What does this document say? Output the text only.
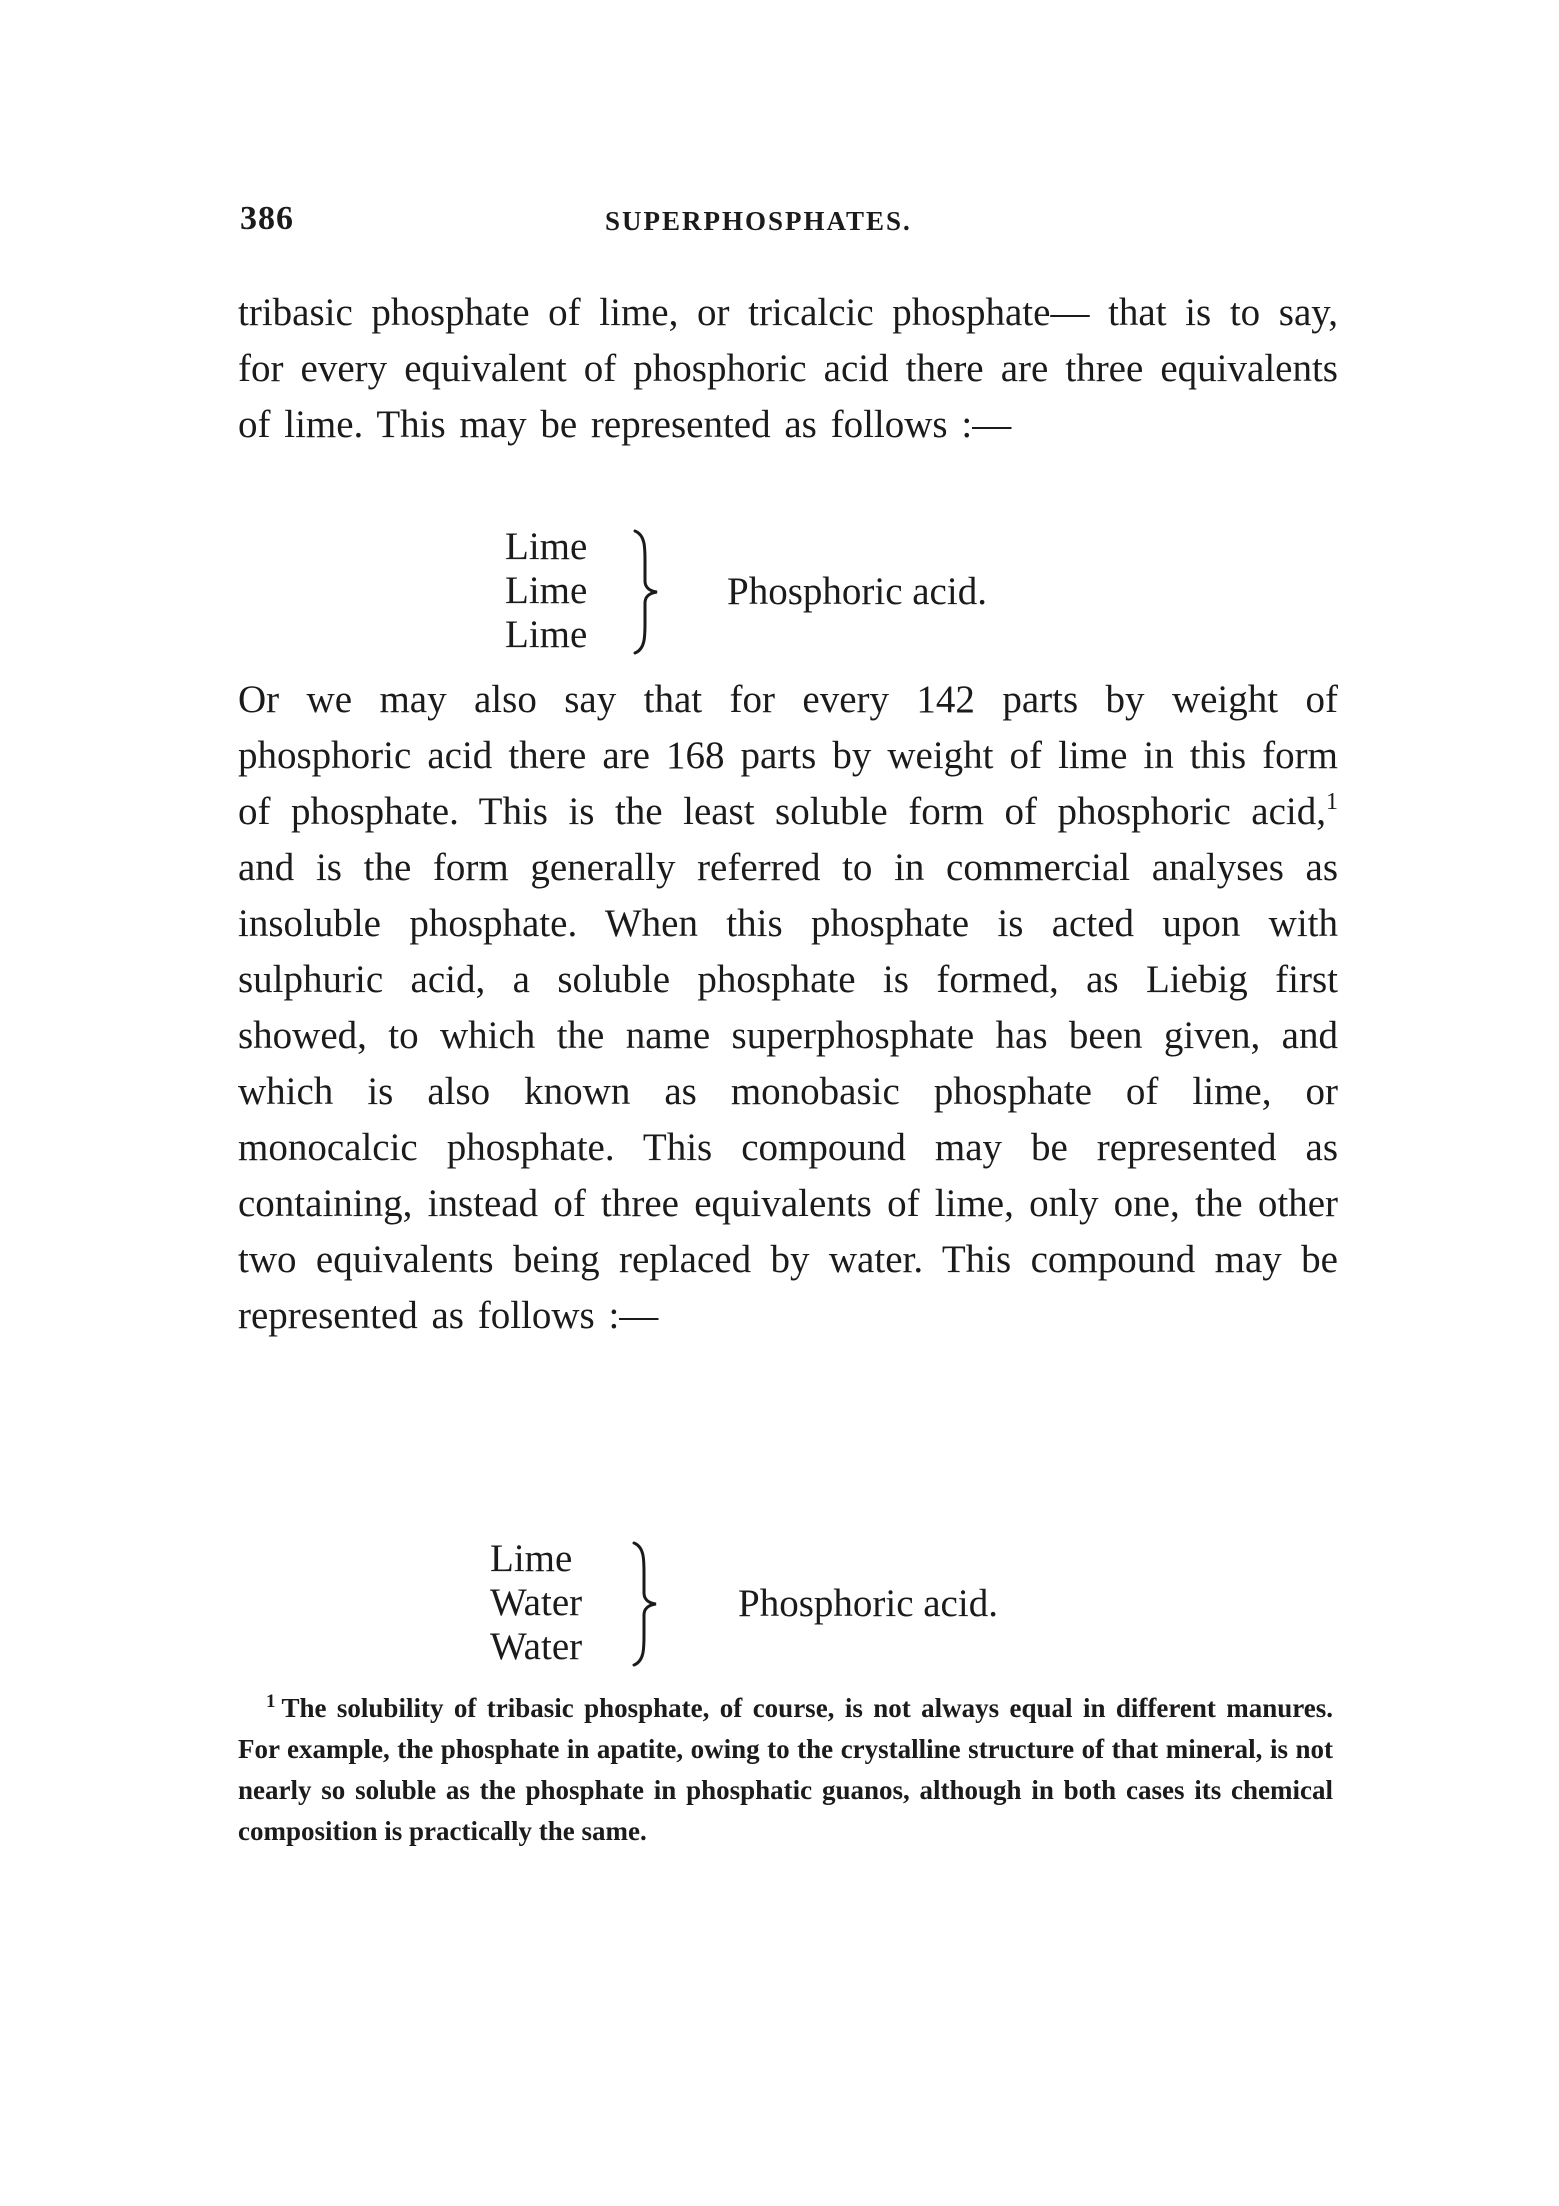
386	SUPERPHOSPHATES.

tribasic phosphate of lime, or tricalcic phosphate— that is to say, for every equivalent of phosphoric acid there are three equivalents of lime. This may be represented as follows :—

Lime
Lime
Lime
Phosphoric acid.

Or we may also say that for every 142 parts by weight of phosphoric acid there are 168 parts by weight of lime in this form of phosphate. This is the least soluble form of phosphoric acid,$^1$ and is the form generally referred to in commercial analyses as insoluble phosphate. When this phosphate is acted upon with sulphuric acid, a soluble phosphate is formed, as Liebig first showed, to which the name superphosphate has been given, and which is also known as monobasic phosphate of lime, or monocalcic phosphate. This compound may be represented as containing, instead of three equivalents of lime, only one, the other two equivalents being replaced by water. This compound may be represented as follows :—

Lime
Water
Water
Phosphoric acid.

$^1$ The solubility of tribasic phosphate, of course, is not always equal in different manures. For example, the phosphate in apatite, owing to the crystalline structure of that mineral, is not nearly so soluble as the phosphate in phosphatic guanos, although in both cases its chemical composition is practically the same.
